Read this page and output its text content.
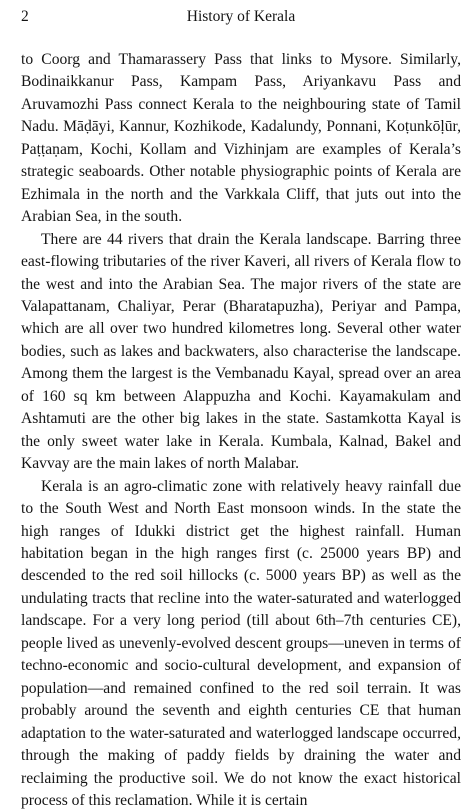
2	History of Kerala

to Coorg and Thamarassery Pass that links to Mysore. Similarly, Bodinaikkanur Pass, Kampam Pass, Ariyankavu Pass and Aruvamozhi Pass connect Kerala to the neighbouring state of Tamil Nadu. Māḍāyi, Kannur, Kozhikode, Kadalundy, Ponnani, Koṭunkōḷūr, Paṭṭaṇam, Kochi, Kollam and Vizhinjam are examples of Kerala’s strategic seaboards. Other notable physiographic points of Kerala are Ezhimala in the north and the Varkkala Cliff, that juts out into the Arabian Sea, in the south.

There are 44 rivers that drain the Kerala landscape. Barring three east-flowing tributaries of the river Kaveri, all rivers of Kerala flow to the west and into the Arabian Sea. The major rivers of the state are Valapattanam, Chaliyar, Perar (Bharatapuzha), Periyar and Pampa, which are all over two hundred kilometres long. Several other water bodies, such as lakes and backwaters, also characterise the landscape. Among them the largest is the Vembanadu Kayal, spread over an area of 160 sq km between Alappuzha and Kochi. Kayamakulam and Ashtamuti are the other big lakes in the state. Sastamkotta Kayal is the only sweet water lake in Kerala. Kumbala, Kalnad, Bakel and Kavvay are the main lakes of north Malabar.

Kerala is an agro-climatic zone with relatively heavy rainfall due to the South West and North East monsoon winds. In the state the high ranges of Idukki district get the highest rainfall. Human habitation began in the high ranges first (c. 25000 years BP) and descended to the red soil hillocks (c. 5000 years BP) as well as the undulating tracts that recline into the water-saturated and waterlogged landscape. For a very long period (till about 6th–7th centuries CE), people lived as unevenly-evolved descent groups—uneven in terms of techno-economic and socio-cultural development, and expansion of population—and remained confined to the red soil terrain. It was probably around the seventh and eighth centuries CE that human adaptation to the water-saturated and waterlogged landscape occurred, through the making of paddy fields by draining the water and reclaiming the productive soil. We do not know the exact historical process of this reclamation. While it is certain
